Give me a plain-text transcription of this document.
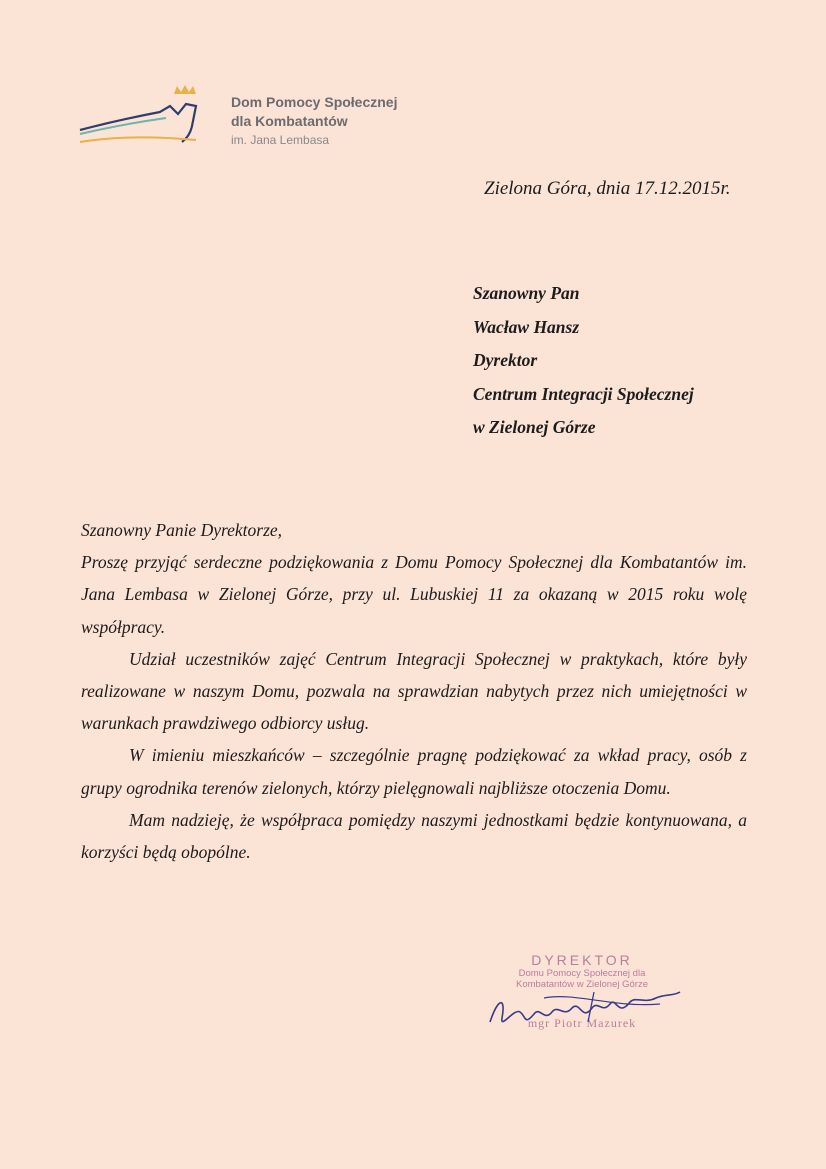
Dom Pomocy Społecznej
dla Kombatantów
im. Jana Lembasa
Zielona Góra, dnia 17.12.2015r.
Szanowny Pan
Wacław Hansz
Dyrektor
Centrum Integracji Społecznej
w Zielonej Górze

Szanowny Panie Dyrektorze,

Proszę przyjąć serdeczne podziękowania z Domu Pomocy Społecznej dla Kombatantów im. Jana Lembasa w Zielonej Górze, przy ul. Lubuskiej 11 za okazaną w 2015 roku wolę współpracy.

Udział uczestników zajęć Centrum Integracji Społecznej w praktykach, które były realizowane w naszym Domu, pozwala na sprawdzian nabytych przez nich umiejętności w warunkach prawdziwego odbiorcy usług.

W imieniu mieszkańców – szczególnie pragnę podziękować za wkład pracy, osób z grupy ogrodnika terenów zielonych, którzy pielęgnowali najbliższe otoczenia Domu.

Mam nadzieję, że współpraca pomiędzy naszymi jednostkami będzie kontynuowana, a korzyści będą obopólne.

DYREKTOR
Domu Pomocy Społecznej dla
Kombatantów w Zielonej Górze
mgr Piotr Mazurek
